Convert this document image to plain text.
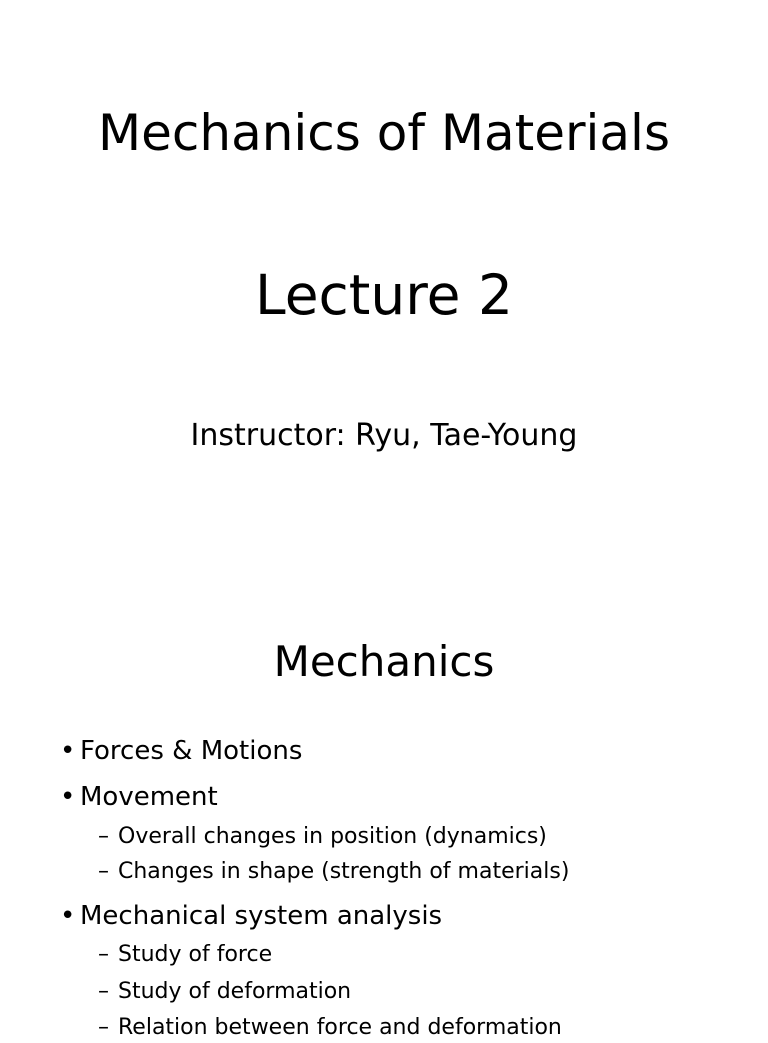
Mechanics of Materials
Lecture 2
Instructor: Ryu, Tae-Young
Mechanics
• Forces & Motions
• Movement
– Overall changes in position (dynamics)
– Changes in shape (strength of materials)
• Mechanical system analysis
– Study of force
– Study of deformation
– Relation between force and deformation
